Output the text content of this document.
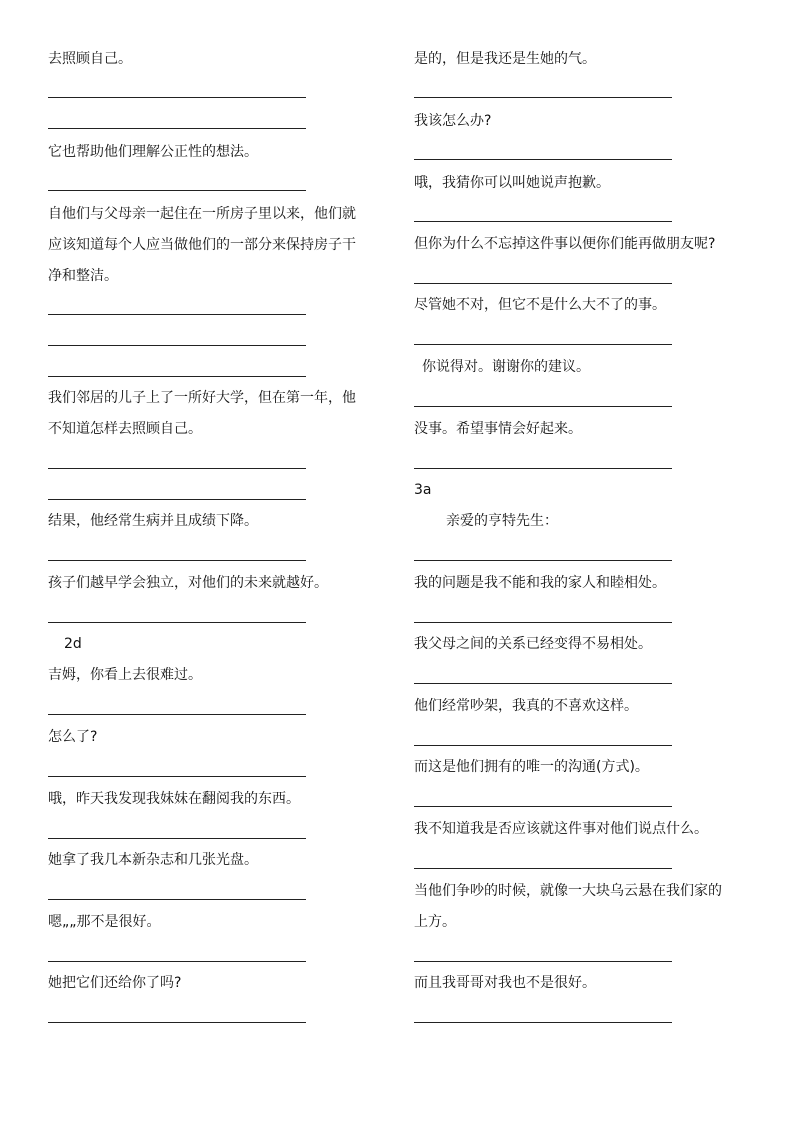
去照顾自己。
它也帮助他们理解公正性的想法。
自他们与父母亲一起住在一所房子里以来，他们就
应该知道每个人应当做他们的一部分来保持房子干
净和整洁。
我们邻居的儿子上了一所好大学，但在第一年，他
不知道怎样去照顾自己。
结果，他经常生病并且成绩下降。
孩子们越早学会独立，对他们的未来就越好。
2d
吉姆，你看上去很难过。
怎么了?
哦，昨天我发现我妹妹在翻阅我的东西。
她拿了我几本新杂志和几张光盘。
嗯„„那不是很好。
她把它们还给你了吗?
是的，但是我还是生她的气。
我该怎么办?
哦，我猜你可以叫她说声抱歉。
但你为什么不忘掉这件事以便你们能再做朋友呢?
尽管她不对，但它不是什么大不了的事。
你说得对。谢谢你的建议。
没事。希望事情会好起来。
3a
亲爱的亨特先生：
我的问题是我不能和我的家人和睦相处。
我父母之间的关系已经变得不易相处。
他们经常吵架，我真的不喜欢这样。
而这是他们拥有的唯一的沟通(方式)。
我不知道我是否应该就这件事对他们说点什么。
当他们争吵的时候，就像一大块乌云悬在我们家的
上方。
而且我哥哥对我也不是很好。
